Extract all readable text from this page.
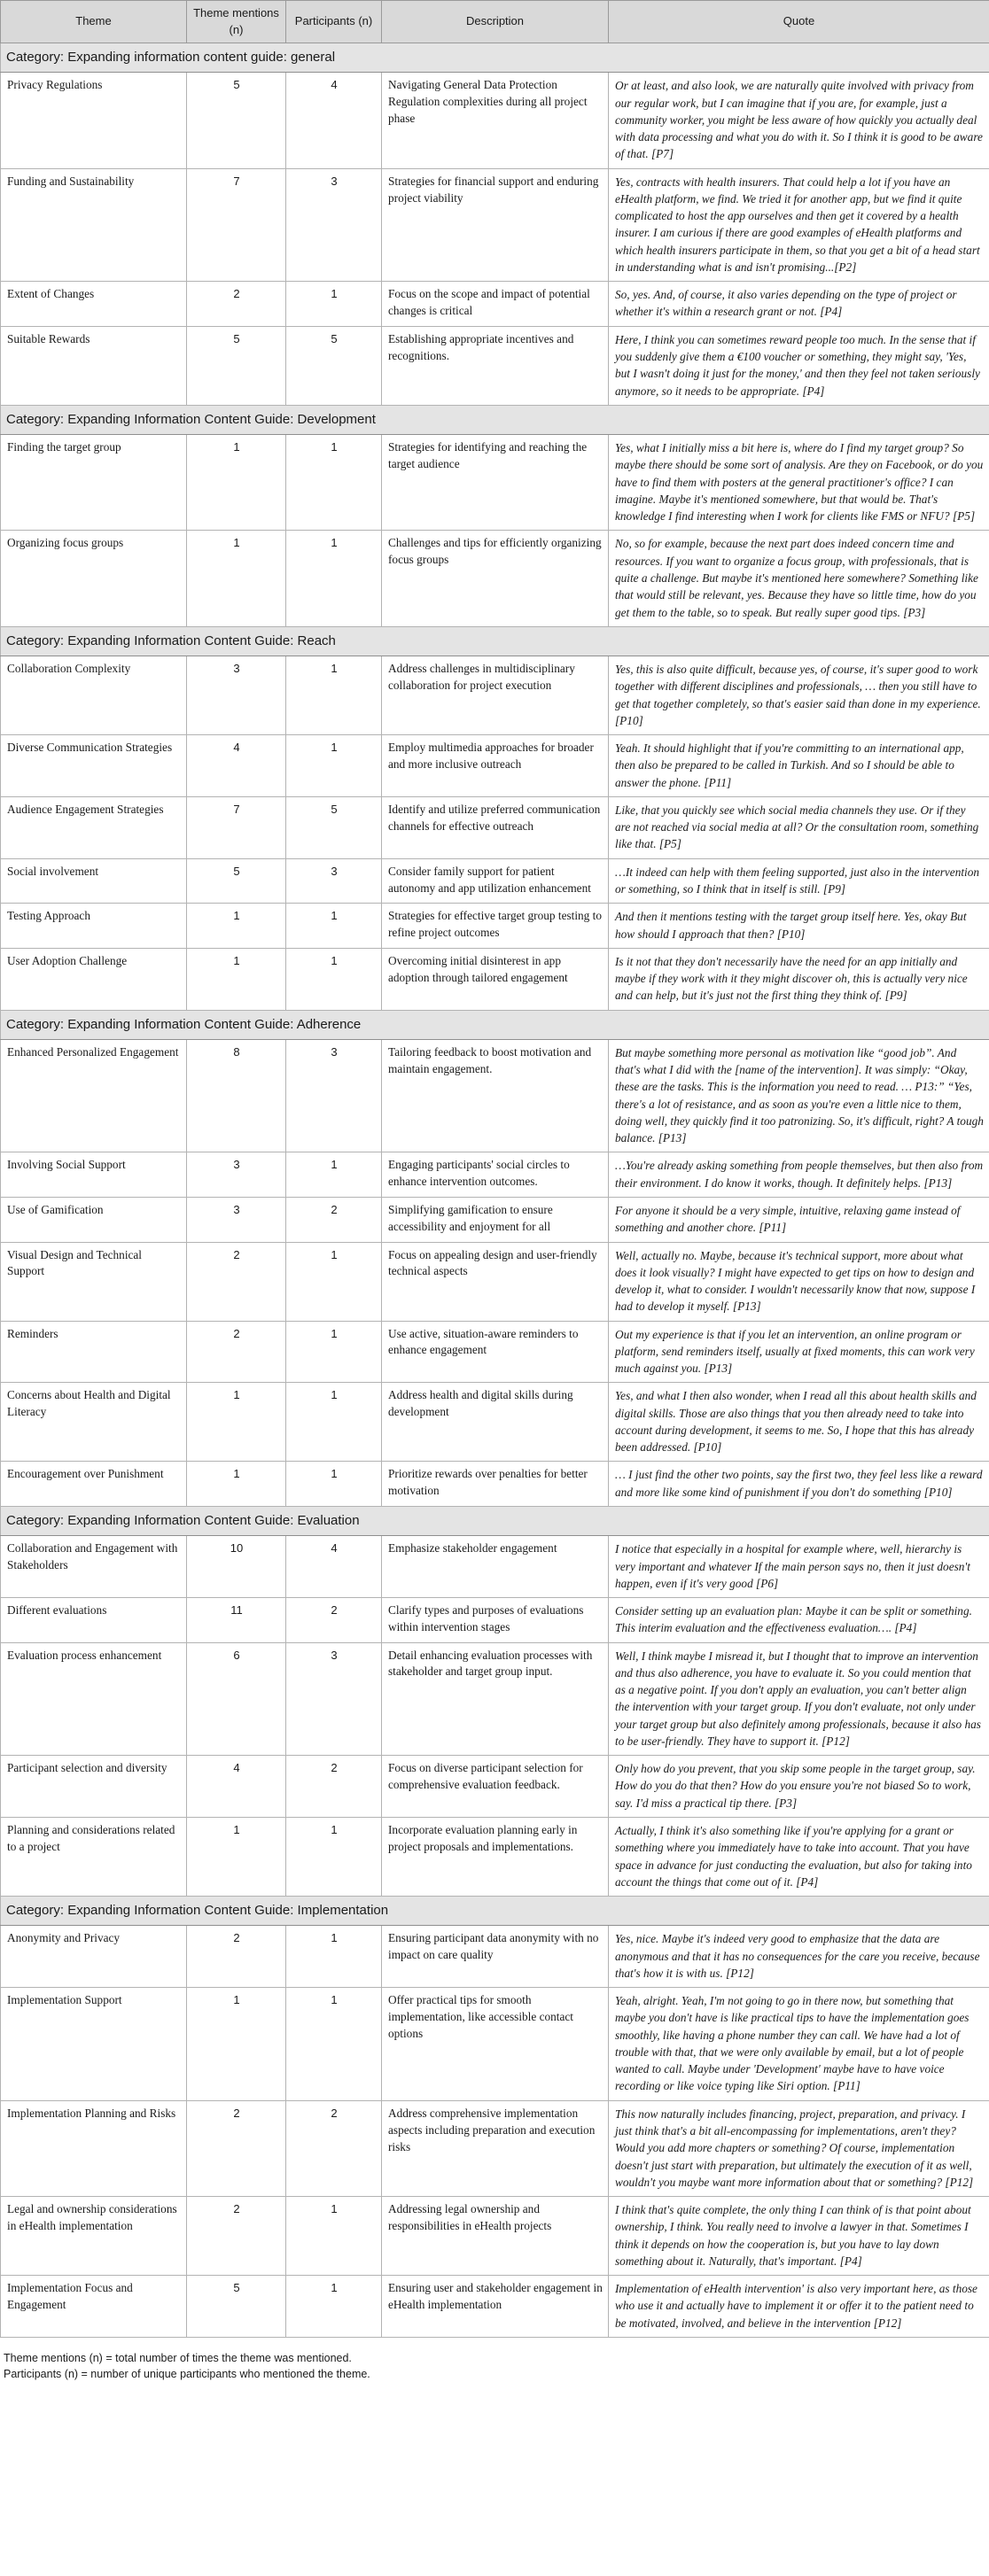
Theme	Theme mentions (n)	Participants (n)	Description	Quote
Category: Expanding information content guide: general				
Privacy Regulations	5	4	Navigating General Data Protection Regulation complexities during all project phase	Or at least, and also look, we are naturally quite involved with privacy from our regular work, but I can imagine that if you are, for example, just a community worker, you might be less aware of how quickly you actually deal with data processing and what you do with it. So I think it is good to be aware of that. [P7]
Funding and Sustainability	7	3	Strategies for financial support and enduring project viability	Yes, contracts with health insurers. That could help a lot if you have an eHealth platform, we find. We tried it for another app, but we find it quite complicated to host the app ourselves and then get it covered by a health insurer. I am curious if there are good examples of eHealth platforms and which health insurers participate in them, so that you get a bit of a head start in understanding what is and isn't promising...[P2]
Extent of Changes	2	1	Focus on the scope and impact of potential changes is critical	So, yes. And, of course, it also varies depending on the type of project or whether it's within a research grant or not. [P4]
Suitable Rewards	5	5	Establishing appropriate incentives and recognitions.	Here, I think you can sometimes reward people too much. In the sense that if you suddenly give them a €100 voucher or something, they might say, 'Yes, but I wasn't doing it just for the money,' and then they feel not taken seriously anymore, so it needs to be appropriate. [P4]
Category: Expanding Information Content Guide: Development				
Finding the target group	1	1	Strategies for identifying and reaching the target audience	Yes, what I initially miss a bit here is, where do I find my target group? So maybe there should be some sort of analysis. Are they on Facebook, or do you have to find them with posters at the general practitioner's office? I can imagine. Maybe it's mentioned somewhere, but that would be. That's knowledge I find interesting when I work for clients like FMS or NFU? [P5]
Organizing focus groups	1	1	Challenges and tips for efficiently organizing focus groups	No, so for example, because the next part does indeed concern time and resources. If you want to organize a focus group, with professionals, that is quite a challenge. But maybe it's mentioned here somewhere? Something like that would still be relevant, yes. Because they have so little time, how do you get them to the table, so to speak. But really super good tips. [P3]
Category: Expanding Information Content Guide: Reach				
Collaboration Complexity	3	1	Address challenges in multidisciplinary collaboration for project execution	Yes, this is also quite difficult, because yes, of course, it's super good to work together with different disciplines and professionals, … then you still have to get that together completely, so that's easier said than done in my experience. [P10]
Diverse Communication Strategies	4	1	Employ multimedia approaches for broader and more inclusive outreach	Yeah. It should highlight that if you're committing to an international app, then also be prepared to be called in Turkish. And so I should be able to answer the phone. [P11]
Audience Engagement Strategies	7	5	Identify and utilize preferred communication channels for effective outreach	Like, that you quickly see which social media channels they use. Or if they are not reached via social media at all? Or the consultation room, something like that. [P5]
Social involvement	5	3	Consider family support for patient autonomy and app utilization enhancement	…It indeed can help with them feeling supported, just also in the intervention or something, so I think that in itself is still. [P9]
Testing Approach	1	1	Strategies for effective target group testing to refine project outcomes	And then it mentions testing with the target group itself here. Yes, okay But how should I approach that then? [P10]
User Adoption Challenge	1	1	Overcoming initial disinterest in app adoption through tailored engagement	Is it not that they don't necessarily have the need for an app initially and maybe if they work with it they might discover oh, this is actually very nice and can help, but it's just not the first thing they think of. [P9]
Category: Expanding Information Content Guide: Adherence				
Enhanced Personalized Engagement	8	3	Tailoring feedback to boost motivation and maintain engagement.	But maybe something more personal as motivation like “good job”. And that's what I did with the [name of the intervention]. It was simply: “Okay, these are the tasks. This is the information you need to read. … P13:” “Yes, there's a lot of resistance, and as soon as you're even a little nice to them, doing well, they quickly find it too patronizing. So, it's difficult, right? A tough balance. [P13]
Involving Social Support	3	1	Engaging participants' social circles to enhance intervention outcomes.	…You're already asking something from people themselves, but then also from their environment. I do know it works, though. It definitely helps. [P13]
Use of Gamification	3	2	Simplifying gamification to ensure accessibility and enjoyment for all	For anyone it should be a very simple, intuitive, relaxing game instead of something and another chore. [P11]
Visual Design and Technical Support	2	1	Focus on appealing design and user-friendly technical aspects	Well, actually no. Maybe, because it's technical support, more about what does it look visually? I might have expected to get tips on how to design and develop it, what to consider. I wouldn't necessarily know that now, suppose I had to develop it myself. [P13]
Reminders	2	1	Use active, situation-aware reminders to enhance engagement	Out my experience is that if you let an intervention, an online program or platform, send reminders itself, usually at fixed moments, this can work very much against you. [P13]
Concerns about Health and Digital Literacy	1	1	Address health and digital skills during development	Yes, and what I then also wonder, when I read all this about health skills and digital skills. Those are also things that you then already need to take into account during development, it seems to me. So, I hope that this has already been addressed. [P10]
Encouragement over Punishment	1	1	Prioritize rewards over penalties for better motivation	… I just find the other two points, say the first two, they feel less like a reward and more like some kind of punishment if you don't do something [P10]
Category: Expanding Information Content Guide: Evaluation				
Collaboration and Engagement with Stakeholders	10	4	Emphasize stakeholder engagement	I notice that especially in a hospital for example where, well, hierarchy is very important and whatever If the main person says no, then it just doesn't happen, even if it's very good [P6]
Different evaluations	11	2	Clarify types and purposes of evaluations within intervention stages	Consider setting up an evaluation plan: Maybe it can be split or something. This interim evaluation and the effectiveness evaluation…. [P4]
Evaluation process enhancement	6	3	Detail enhancing evaluation processes with stakeholder and target group input.	Well, I think maybe I misread it, but I thought that to improve an intervention and thus also adherence, you have to evaluate it. So you could mention that as a negative point. If you don't apply an evaluation, you can't better align the intervention with your target group. If you don't evaluate, not only under your target group but also definitely among professionals, because it also has to be user-friendly. They have to support it. [P12]
Participant selection and diversity	4	2	Focus on diverse participant selection for comprehensive evaluation feedback.	Only how do you prevent, that you skip some people in the target group, say. How do you do that then? How do you ensure you're not biased So to work, say. I'd miss a practical tip there. [P3]
Planning and considerations related to a project	1	1	Incorporate evaluation planning early in project proposals and implementations.	Actually, I think it's also something like if you're applying for a grant or something where you immediately have to take into account. That you have space in advance for just conducting the evaluation, but also for taking into account the things that come out of it. [P4]
Category: Expanding Information Content Guide: Implementation				
Anonymity and Privacy	2	1	Ensuring participant data anonymity with no impact on care quality	Yes, nice. Maybe it's indeed very good to emphasize that the data are anonymous and that it has no consequences for the care you receive, because that's how it is with us. [P12]
Implementation Support	1	1	Offer practical tips for smooth implementation, like accessible contact options	Yeah, alright. Yeah, I'm not going to go in there now, but something that maybe you don't have is like practical tips to have the implementation goes smoothly, like having a phone number they can call. We have had a lot of trouble with that, that we were only available by email, but a lot of people wanted to call. Maybe under 'Development' maybe have to have voice recording or like voice typing like Siri option. [P11]
Implementation Planning and Risks	2	2	Address comprehensive implementation aspects including preparation and execution risks	This now naturally includes financing, project, preparation, and privacy. I just think that's a bit all-encompassing for implementations, aren't they? Would you add more chapters or something? Of course, implementation doesn't just start with preparation, but ultimately the execution of it as well, wouldn't you maybe want more information about that or something? [P12]
Legal and ownership considerations in eHealth implementation	2	1	Addressing legal ownership and responsibilities in eHealth projects	I think that's quite complete, the only thing I can think of is that point about ownership, I think. You really need to involve a lawyer in that. Sometimes I think it depends on how the cooperation is, but you have to lay down something about it. Naturally, that's important. [P4]
Implementation Focus and Engagement	5	1	Ensuring user and stakeholder engagement in eHealth implementation	Implementation of eHealth intervention' is also very important here, as those who use it and actually have to implement it or offer it to the patient need to be motivated, involved, and believe in the intervention [P12]
Theme mentions (n) = total number of times the theme was mentioned.
Participants (n) = number of unique participants who mentioned the theme.
